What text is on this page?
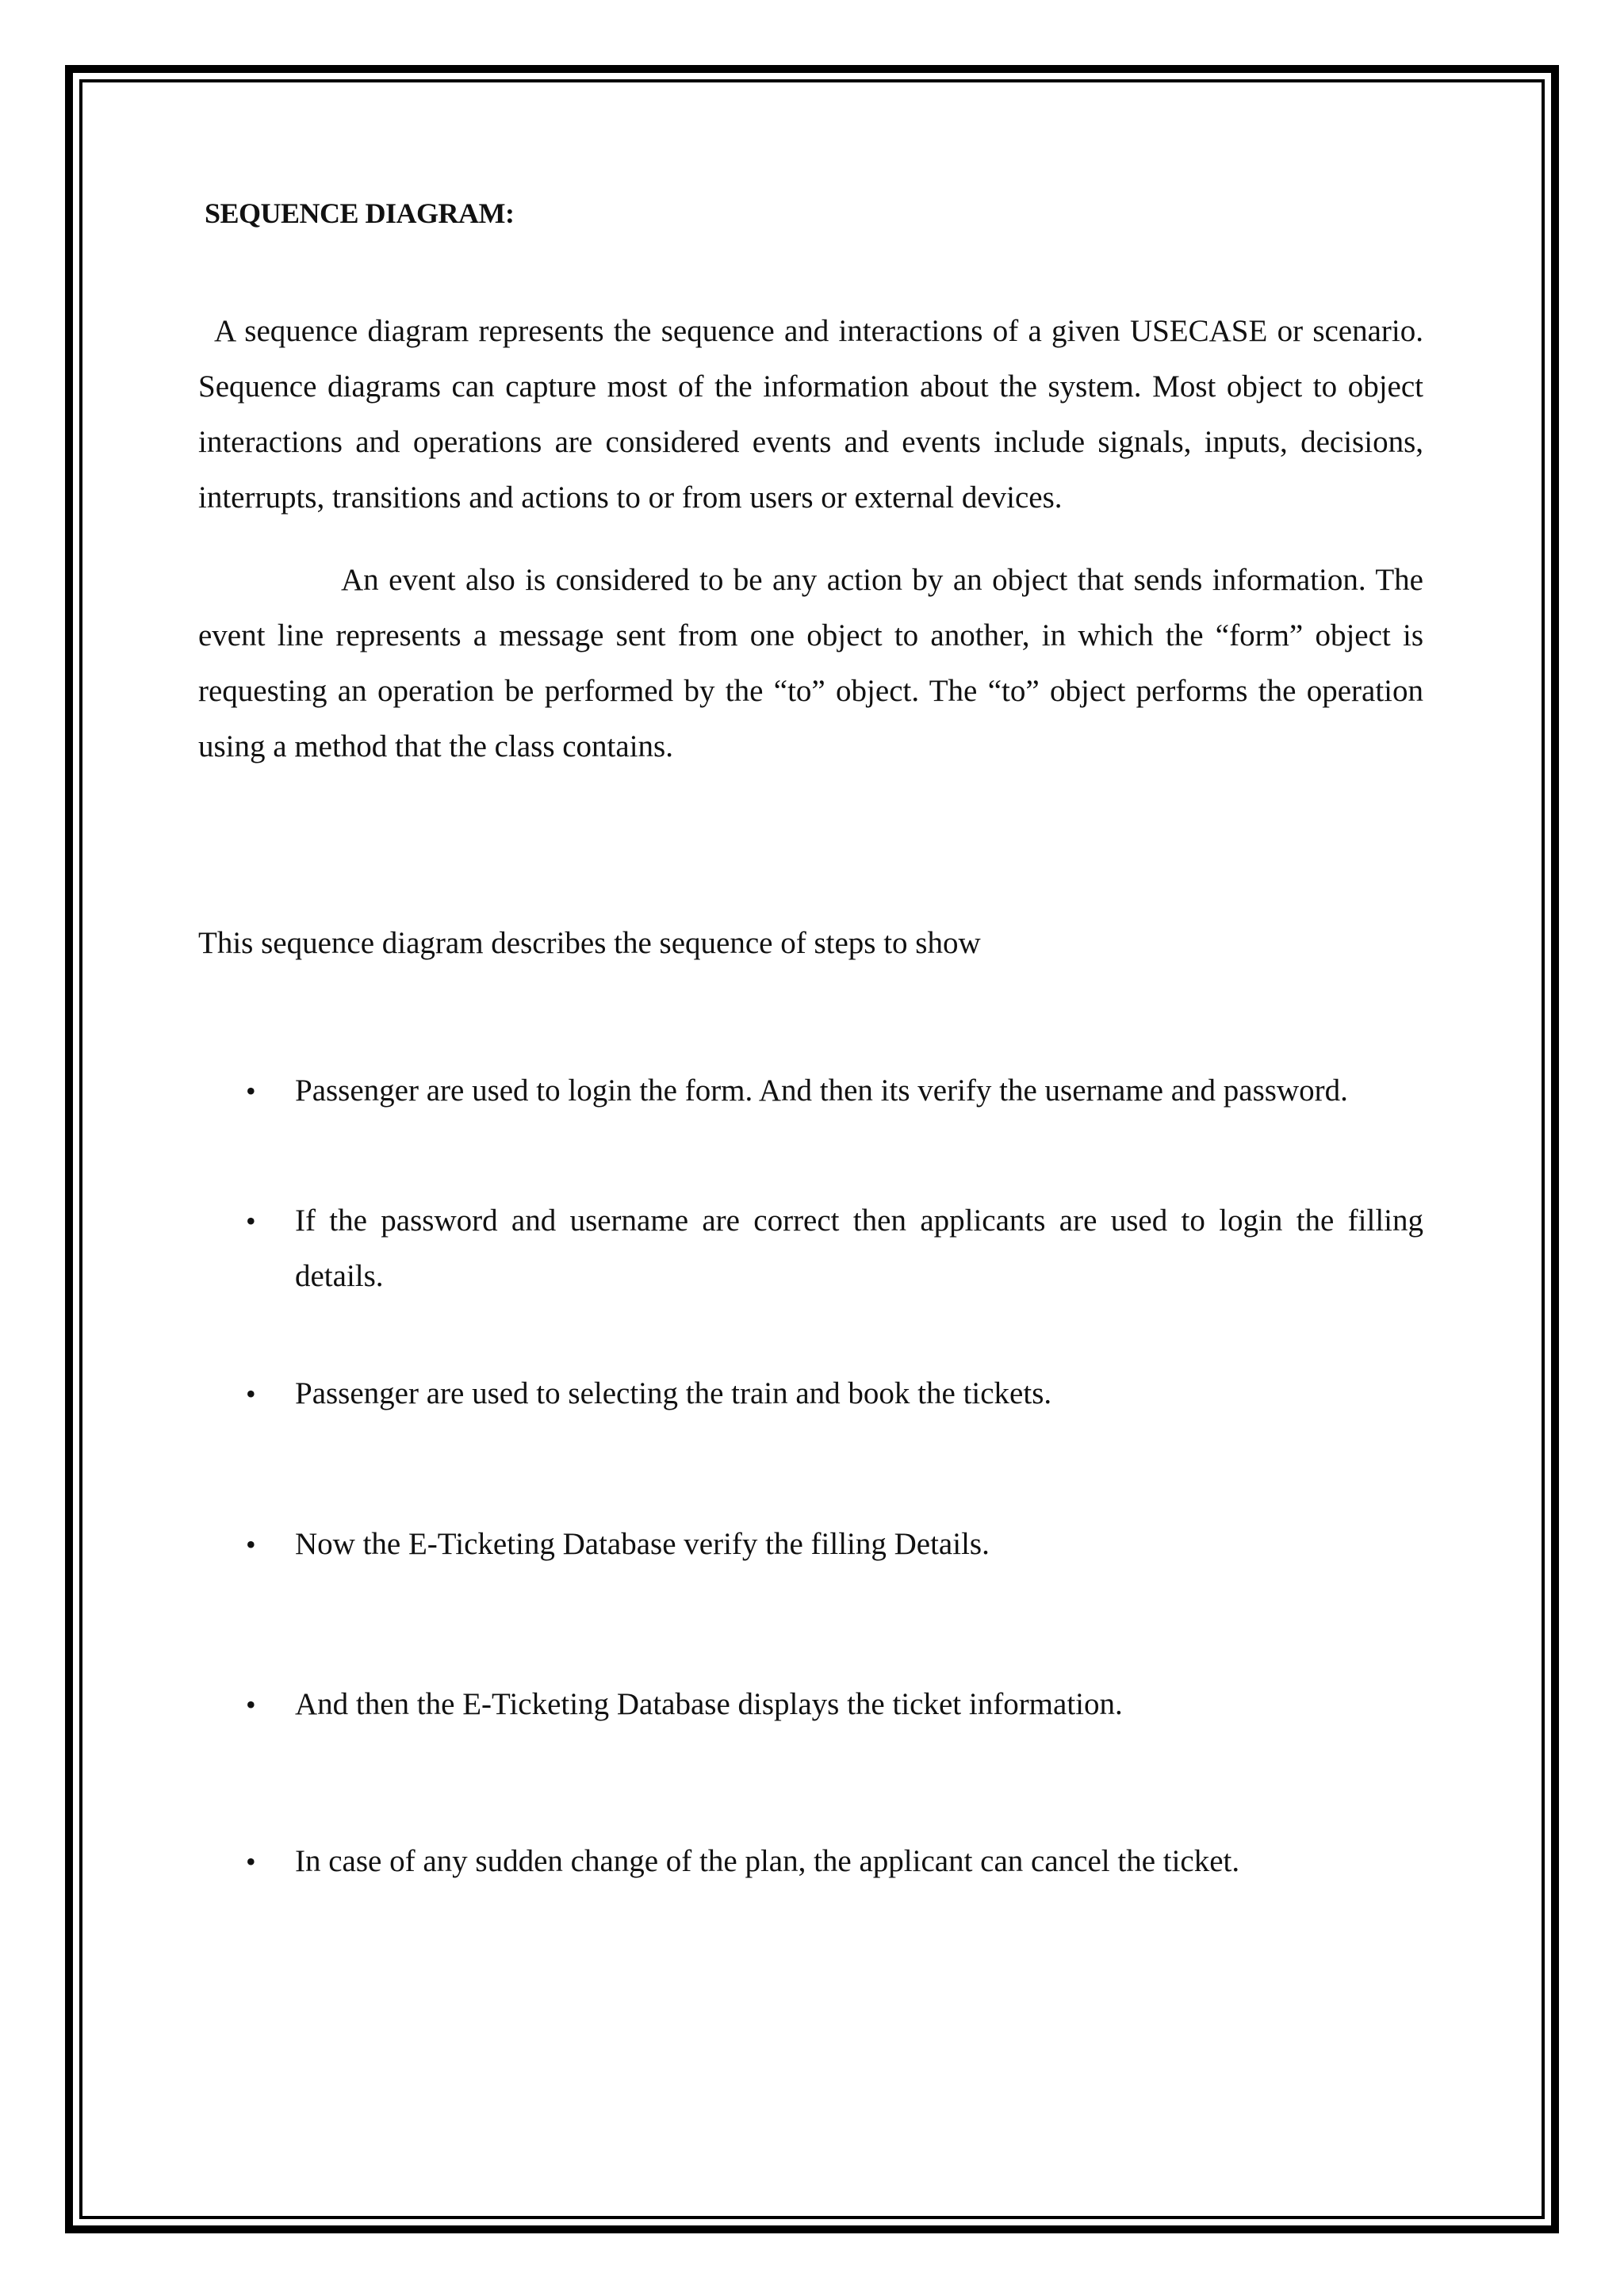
SEQUENCE DIAGRAM:

A sequence diagram represents the sequence and interactions of a given USECASE or scenario. Sequence diagrams can capture most of the information about the system. Most object to object interactions and operations are considered events and events include signals, inputs, decisions, interrupts, transitions and actions to or from users or external devices.

An event also is considered to be any action by an object that sends information. The event line represents a message sent from one object to another, in which the “form” object is requesting an operation be performed by the “to” object. The “to” object performs the operation using a method that the class contains.

This sequence diagram describes the sequence of steps to show

•	Passenger are used to login the form. And then its verify the username and password.
•	If the password and username are correct then applicants are used to login the filling details.
•	Passenger are used to selecting the train and book the tickets.
•	Now the E-Ticketing Database verify the filling Details.
•	And then the E-Ticketing Database displays the ticket information.
•	In case of any sudden change of the plan, the applicant can cancel the ticket.
